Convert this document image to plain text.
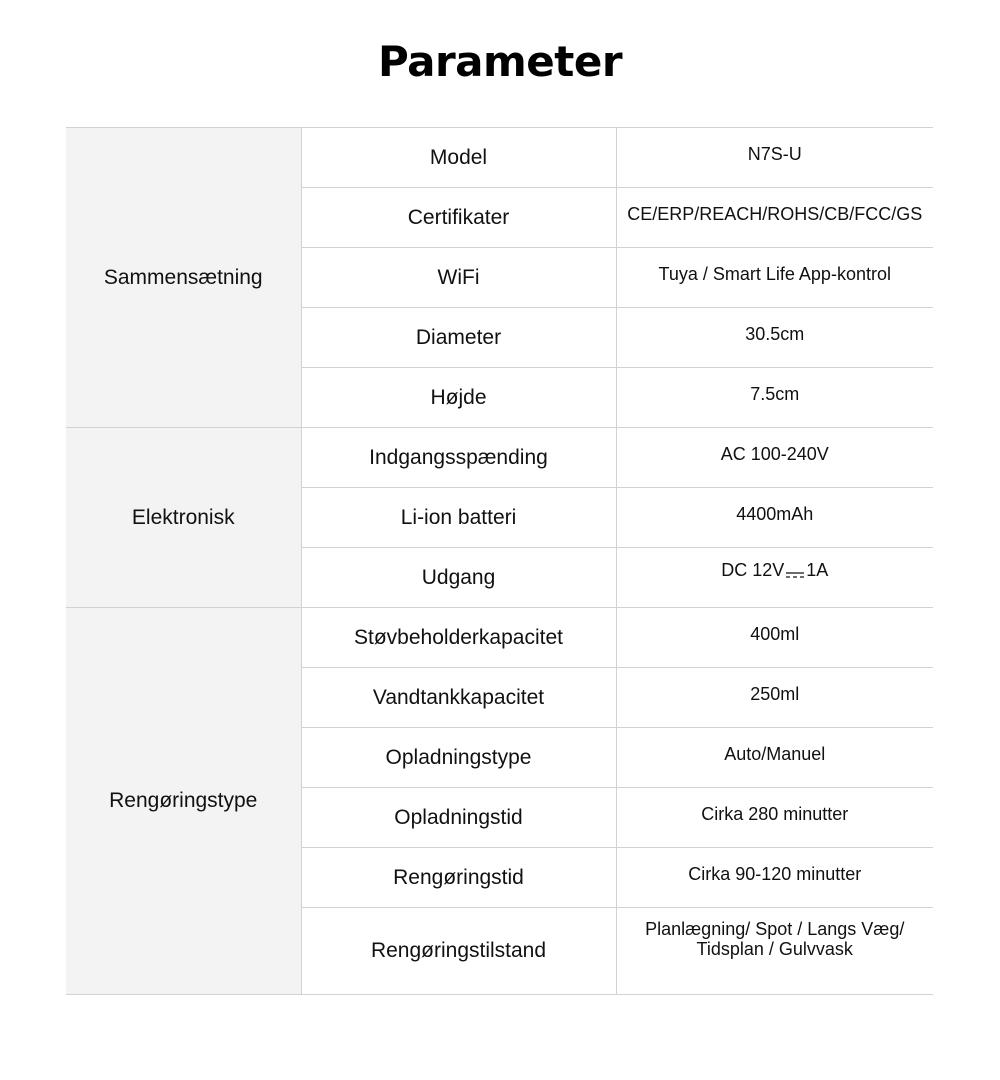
Parameter
Sammensætning	Model	N7S-U
	Certifikater	CE/ERP/REACH/ROHS/CB/FCC/GS
	WiFi	Tuya / Smart Life App-kontrol
	Diameter	30.5cm
	Højde	7.5cm
Elektronisk	Indgangsspænding	AC 100-240V
	Li-ion batteri	4400mAh
	Udgang	DC 12V 1A
Rengøringstype	Støvbeholderkapacitet	400ml
	Vandtankkapacitet	250ml
	Opladningstype	Auto/Manuel
	Opladningstid	Cirka 280 minutter
	Rengøringstid	Cirka 90-120 minutter
	Rengøringstilstand	Planlægning/ Spot / Langs Væg/
Tidsplan / Gulvvask
